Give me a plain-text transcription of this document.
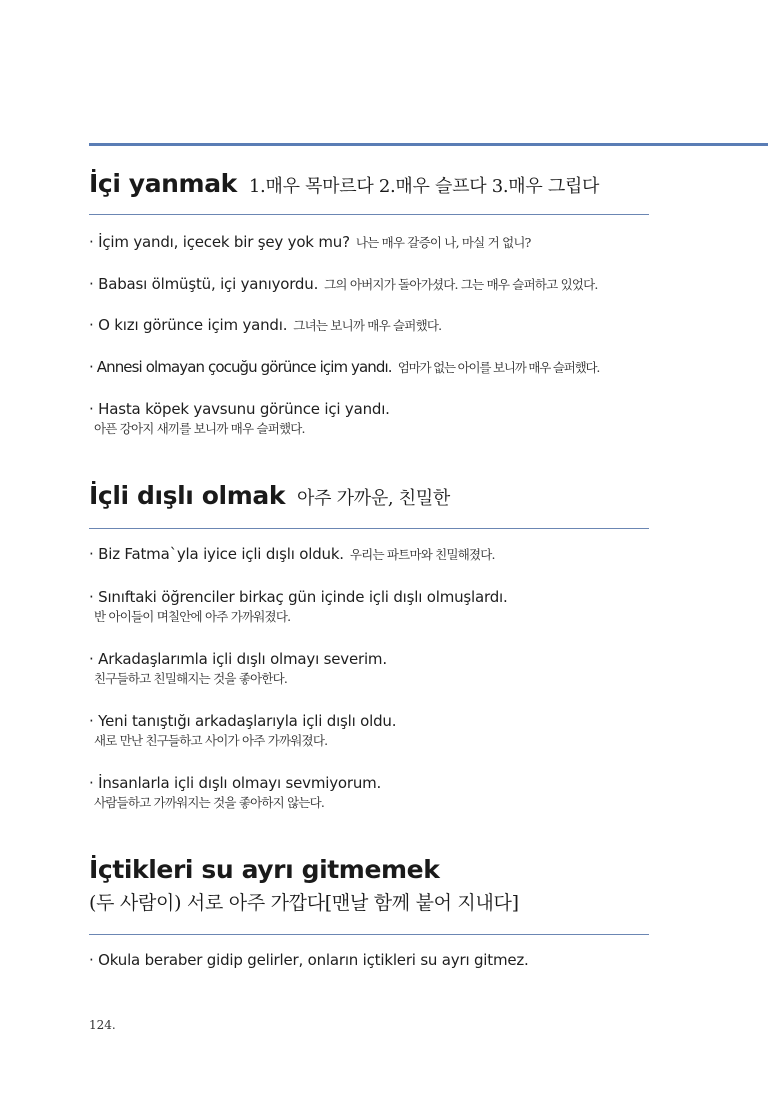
İçi yanmak 1.매우 목마르다 2.매우 슬프다 3.매우 그립다
· İçim yandı, içecek bir şey yok mu? 나는 매우 갈증이 나, 마실 거 없니?
· Babası ölmüştü, içi yanıyordu. 그의 아버지가 돌아가셨다. 그는 매우 슬퍼하고 있었다.
· O kızı görünce içim yandı. 그녀는 보니까 매우 슬퍼했다.
· Annesi olmayan çocuğu görünce içim yandı. 엄마가 없는 아이를 보니까 매우 슬퍼했다.
· Hasta köpek yavsunu görünce içi yandı.
아픈 강아지 새끼를 보니까 매우 슬퍼했다.
İçli dışlı olmak 아주 가까운, 친밀한
· Biz Fatma`yla iyice içli dışlı olduk. 우리는 파트마와 친밀해졌다.
· Sınıftaki öğrenciler birkaç gün içinde içli dışlı olmuşlardı.
반 아이들이 며칠안에 아주 가까워졌다.
· Arkadaşlarımla içli dışlı olmayı severim.
친구들하고 친밀해지는 것을 좋아한다.
· Yeni tanıştığı arkadaşlarıyla içli dışlı oldu.
새로 만난 친구들하고 사이가 아주 가까워졌다.
· İnsanlarla içli dışlı olmayı sevmiyorum.
사람들하고 가까워지는 것을 좋아하지 않는다.
İçtikleri su ayrı gitmemek
(두 사람이) 서로 아주 가깝다[맨날 함께 붙어 지내다]
· Okula beraber gidip gelirler, onların içtikleri su ayrı gitmez.
124.
